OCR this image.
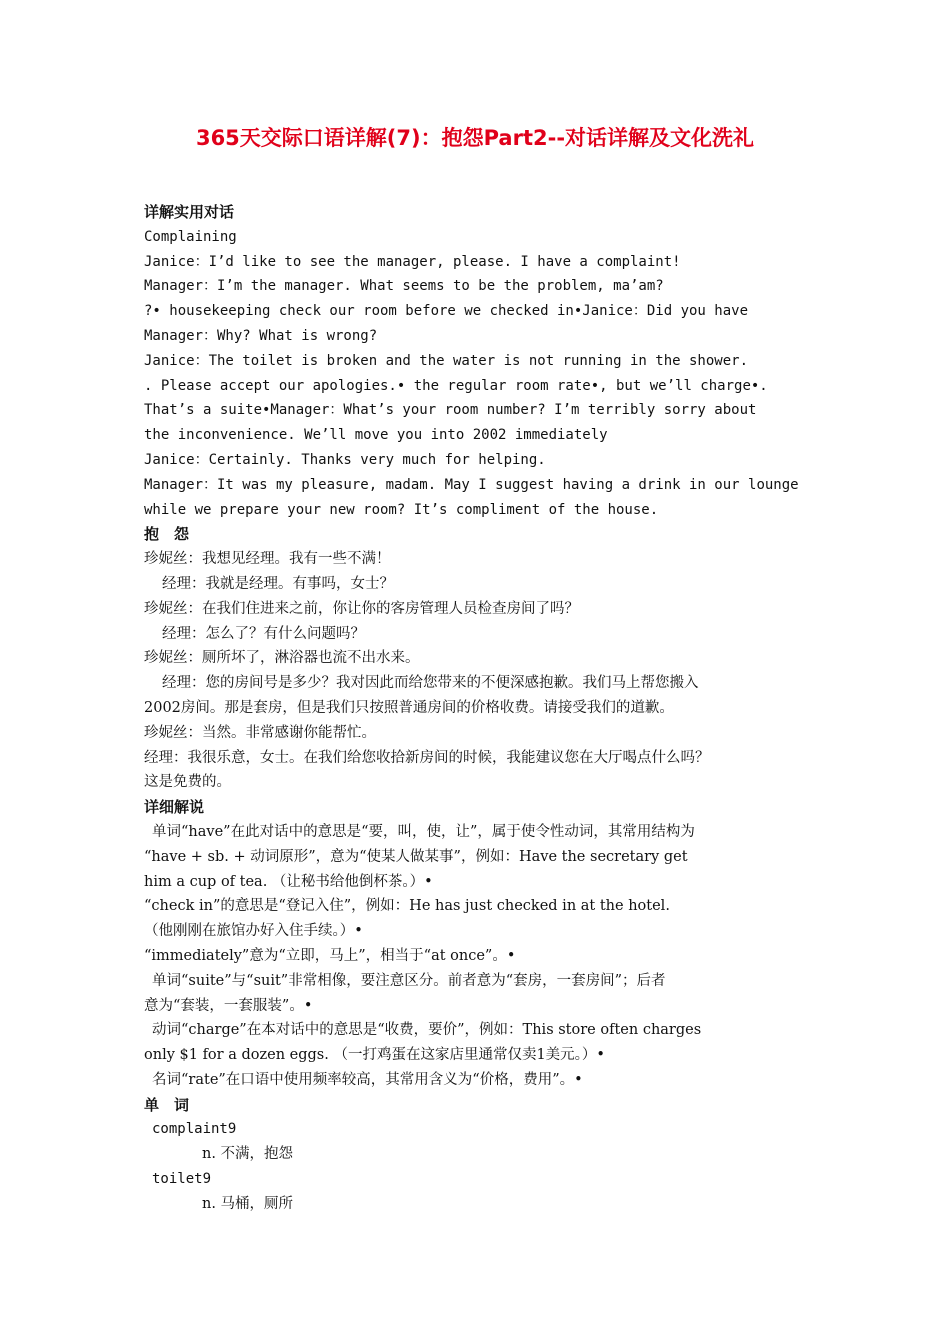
365天交际口语详解(7)：抱怨Part2--对话详解及文化洗礼
详解实用对话
Complaining
Janice：I’d like to see the manager, please. I have a complaint!
Manager：I’m the manager. What seems to be the problem, ma’am?
?• housekeeping check our room before we checked in•Janice：Did you have
Manager：Why? What is wrong?
Janice：The toilet is broken and the water is not running in the shower.
. Please accept our apologies.• the regular room rate•, but we’ll charge•.
That’s a suite•Manager：What’s your room number? I’m terribly sorry about
the inconvenience. We’ll move you into 2002 immediately
Janice：Certainly. Thanks very much for helping.
Manager：It was my pleasure, madam. May I suggest having a drink in our lounge
while we prepare your new room? It’s compliment of the house.
抱　怨
珍妮丝：我想见经理。我有一些不满！
经理：我就是经理。有事吗，女士？
珍妮丝：在我们住进来之前，你让你的客房管理人员检查房间了吗？
经理：怎么了？有什么问题吗？
珍妮丝：厕所坏了，淋浴器也流不出水来。
经理：您的房间号是多少？我对因此而给您带来的不便深感抱歉。我们马上帮您搬入
2002房间。那是套房，但是我们只按照普通房间的价格收费。请接受我们的道歉。
珍妮丝：当然。非常感谢你能帮忙。
经理：我很乐意，女士。在我们给您收拾新房间的时候，我能建议您在大厅喝点什么吗？
这是免费的。
详细解说
单词“have”在此对话中的意思是“要，叫，使，让”，属于使令性动词，其常用结构为
“have + sb. + 动词原形”，意为“使某人做某事”，例如：Have the secretary get
him a cup of tea. （让秘书给他倒杯茶。）•
“check in”的意思是“登记入住”，例如：He has just checked in at the hotel.
（他刚刚在旅馆办好入住手续。）•
“immediately”意为“立即，马上”，相当于“at once”。•
单词“suite”与“suit”非常相像，要注意区分。前者意为“套房，一套房间”；后者
意为“套装，一套服装”。•
动词“charge”在本对话中的意思是“收费，要价”，例如：This store often charges
only $1 for a dozen eggs. （一打鸡蛋在这家店里通常仅卖1美元。）•
名词“rate”在口语中使用频率较高，其常用含义为“价格，费用”。•
单　词
complaint9
n. 不满，抱怨
toilet9
n. 马桶，厕所
